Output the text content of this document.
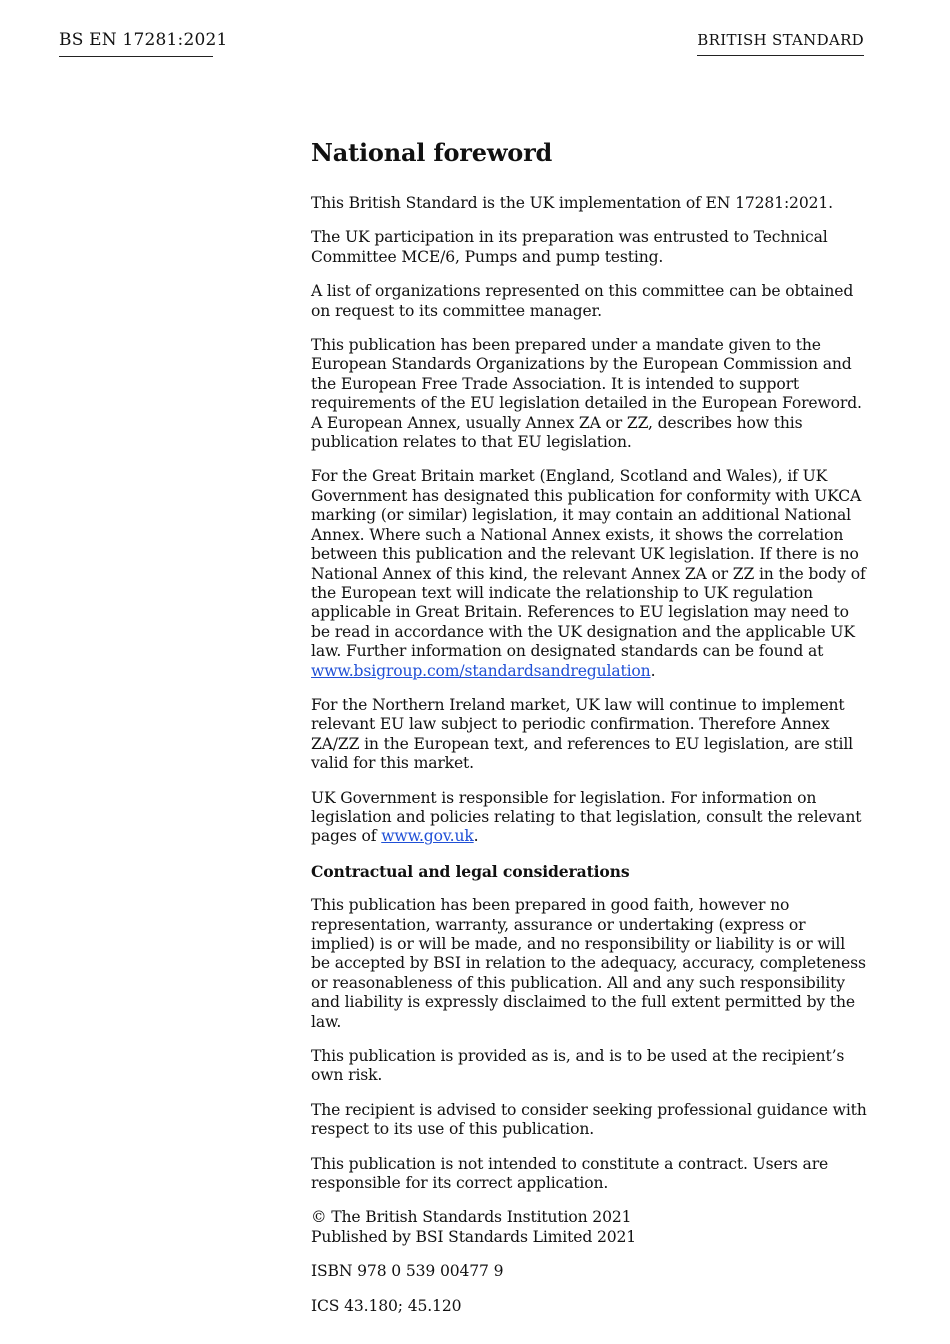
BS EN 17281:2021	BRITISH STANDARD
National foreword

This British Standard is the UK implementation of EN 17281:2021.

The UK participation in its preparation was entrusted to Technical Committee MCE/6, Pumps and pump testing.

A list of organizations represented on this committee can be obtained on request to its committee manager.

This publication has been prepared under a mandate given to the European Standards Organizations by the European Commission and the European Free Trade Association. It is intended to support requirements of the EU legislation detailed in the European Foreword. A European Annex, usually Annex ZA or ZZ, describes how this publication relates to that EU legislation.

For the Great Britain market (England, Scotland and Wales), if UK Government has designated this publication for conformity with UKCA marking (or similar) legislation, it may contain an additional National Annex. Where such a National Annex exists, it shows the correlation between this publication and the relevant UK legislation. If there is no National Annex of this kind, the relevant Annex ZA or ZZ in the body of the European text will indicate the relationship to UK regulation applicable in Great Britain. References to EU legislation may need to be read in accordance with the UK designation and the applicable UK law. Further information on designated standards can be found at www.bsigroup.com/standardsandregulation.

For the Northern Ireland market, UK law will continue to implement relevant EU law subject to periodic confirmation. Therefore Annex ZA/ZZ in the European text, and references to EU legislation, are still valid for this market.

UK Government is responsible for legislation. For information on legislation and policies relating to that legislation, consult the relevant pages of www.gov.uk.

Contractual and legal considerations

This publication has been prepared in good faith, however no representation, warranty, assurance or undertaking (express or implied) is or will be made, and no responsibility or liability is or will be accepted by BSI in relation to the adequacy, accuracy, completeness or reasonableness of this publication. All and any such responsibility and liability is expressly disclaimed to the full extent permitted by the law.

This publication is provided as is, and is to be used at the recipient’s own risk.

The recipient is advised to consider seeking professional guidance with respect to its use of this publication.

This publication is not intended to constitute a contract. Users are responsible for its correct application.

© The British Standards Institution 2021
Published by BSI Standards Limited 2021

ISBN 978 0 539 00477 9

ICS 43.180; 45.120
